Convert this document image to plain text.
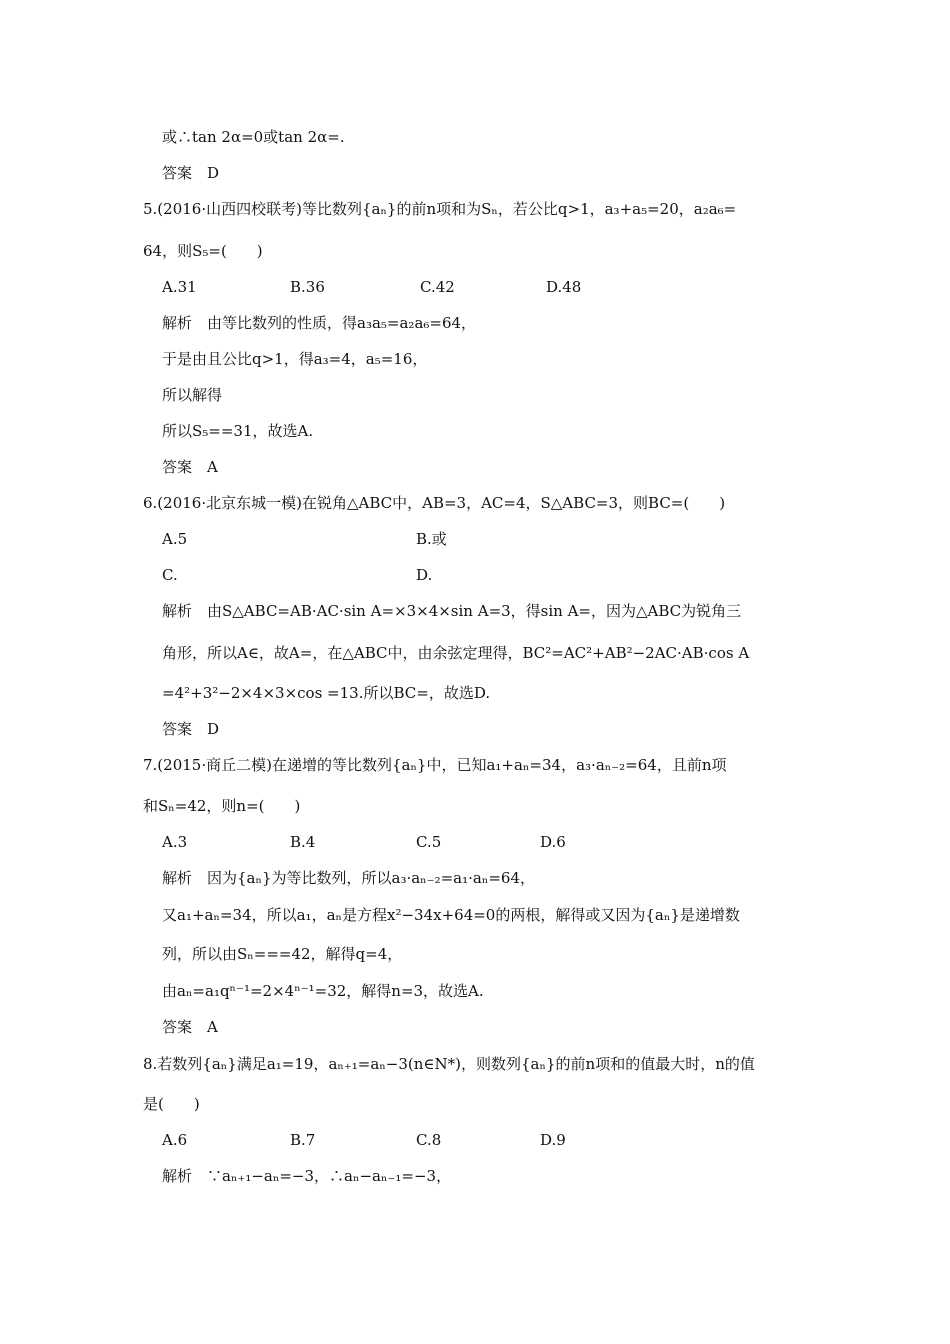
或∴tan 2α=0或tan 2α=.
答案　D
5.(2016·山西四校联考)等比数列{aₙ}的前n项和为Sₙ，若公比q>1，a₃+a₅=20，a₂a₆=
64，则S₅=(　　)
A.31	B.36	C.42	D.48
解析　由等比数列的性质，得a₃a₅=a₂a₆=64，
于是由且公比q>1，得a₃=4，a₅=16，
所以解得
所以S₅==31，故选A.
答案　A
6.(2016·北京东城一模)在锐角△ABC中，AB=3，AC=4，S△ABC=3，则BC=(　　)
A.5	B.或
C.	D.
解析　由S△ABC=AB·AC·sin A=×3×4×sin A=3，得sin A=，因为△ABC为锐角三
角形，所以A∈，故A=，在△ABC中，由余弦定理得，BC²=AC²+AB²−2AC·AB·cos A
=4²+3²−2×4×3×cos =13.所以BC=，故选D.
答案　D
7.(2015·商丘二模)在递增的等比数列{aₙ}中，已知a₁+aₙ=34，a₃·aₙ₋₂=64，且前n项
和Sₙ=42，则n=(　　)
A.3	B.4	C.5	D.6
解析　因为{aₙ}为等比数列，所以a₃·aₙ₋₂=a₁·aₙ=64，
又a₁+aₙ=34，所以a₁，aₙ是方程x²−34x+64=0的两根，解得或又因为{aₙ}是递增数
列，所以由Sₙ===42，解得q=4，
由aₙ=a₁qⁿ⁻¹=2×4ⁿ⁻¹=32，解得n=3，故选A.
答案　A
8.若数列{aₙ}满足a₁=19，aₙ₊₁=aₙ−3(n∈N*)，则数列{aₙ}的前n项和的值最大时，n的值
是(　　)
A.6	B.7	C.8	D.9
解析　∵aₙ₊₁−aₙ=−3，∴aₙ−aₙ₋₁=−3，
